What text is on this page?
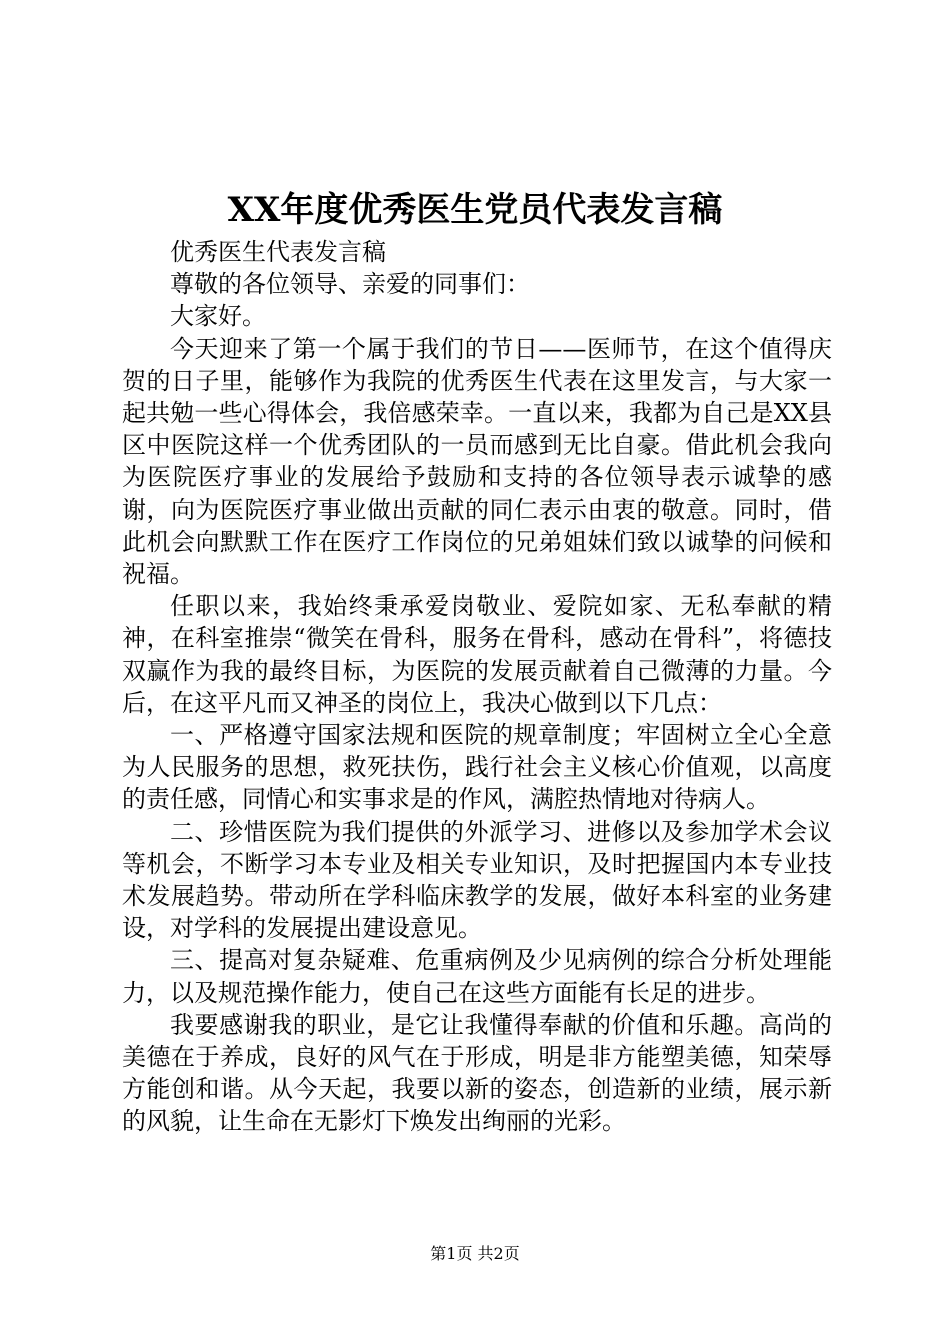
XX年度优秀医生党员代表发言稿

优秀医生代表发言稿

尊敬的各位领导、亲爱的同事们：

大家好。

今天迎来了第一个属于我们的节日——医师节，在这个值得庆贺的日子里，能够作为我院的优秀医生代表在这里发言，与大家一起共勉一些心得体会，我倍感荣幸。一直以来，我都为自己是XX县区中医院这样一个优秀团队的一员而感到无比自豪。借此机会我向为医院医疗事业的发展给予鼓励和支持的各位领导表示诚挚的感谢，向为医院医疗事业做出贡献的同仁表示由衷的敬意。同时，借此机会向默默工作在医疗工作岗位的兄弟姐妹们致以诚挚的问候和祝福。

任职以来，我始终秉承爱岗敬业、爱院如家、无私奉献的精神，在科室推崇“微笑在骨科，服务在骨科，感动在骨科”，将德技双赢作为我的最终目标，为医院的发展贡献着自己微薄的力量。今后，在这平凡而又神圣的岗位上，我决心做到以下几点：

一、严格遵守国家法规和医院的规章制度；牢固树立全心全意为人民服务的思想，救死扶伤，践行社会主义核心价值观，以高度的责任感，同情心和实事求是的作风，满腔热情地对待病人。

二、珍惜医院为我们提供的外派学习、进修以及参加学术会议等机会，不断学习本专业及相关专业知识，及时把握国内本专业技术发展趋势。带动所在学科临床教学的发展，做好本科室的业务建设，对学科的发展提出建设意见。

三、提高对复杂疑难、危重病例及少见病例的综合分析处理能力，以及规范操作能力，使自己在这些方面能有长足的进步。

我要感谢我的职业，是它让我懂得奉献的价值和乐趣。高尚的美德在于养成，良好的风气在于形成，明是非方能塑美德，知荣辱方能创和谐。从今天起，我要以新的姿态，创造新的业绩，展示新的风貌，让生命在无影灯下焕发出绚丽的光彩。

第1页 共2页
